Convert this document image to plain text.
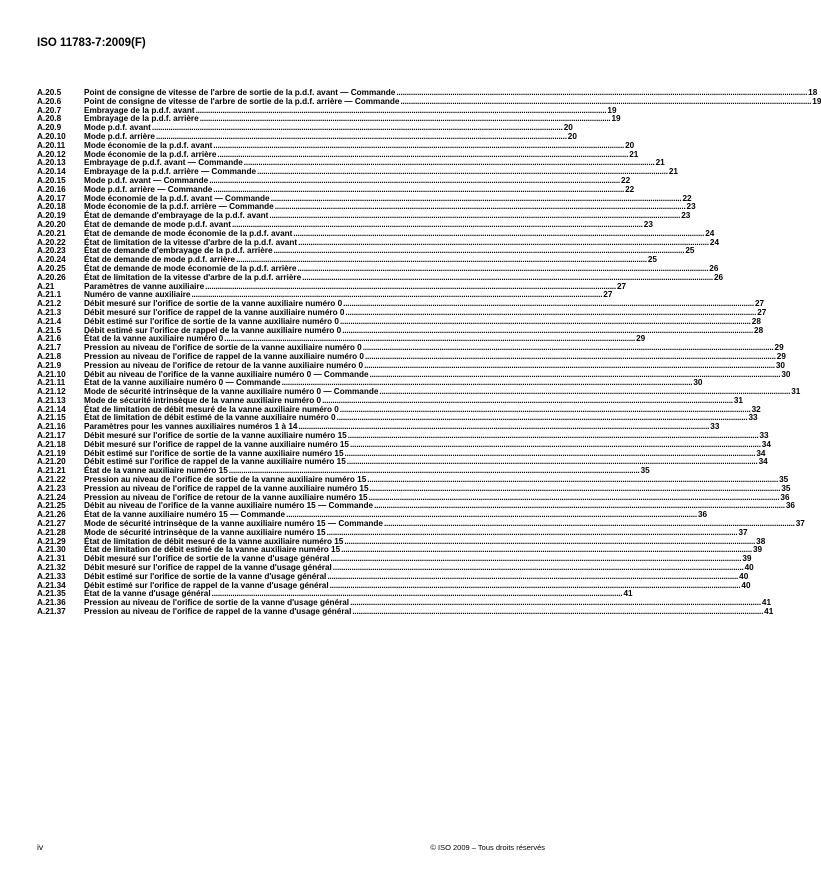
ISO 11783-7:2009(F)
A.20.5	Point de consigne de vitesse de l'arbre de sortie de la p.d.f. avant — Commande .....	18
A.20.6	Point de consigne de vitesse de l'arbre de sortie de la p.d.f. arrière — Commande .....	19
A.20.7	Embrayage de la p.d.f. avant .....	19
A.20.8	Embrayage de la p.d.f. arrière .....	19
A.20.9	Mode p.d.f. avant .....	20
A.20.10	Mode p.d.f. arrière .....	20
A.20.11	Mode économie de la p.d.f. avant .....	20
A.20.12	Mode économie de la p.d.f. arrière .....	21
A.20.13	Embrayage de p.d.f. avant — Commande .....	21
A.20.14	Embrayage de la p.d.f. arrière — Commande .....	21
A.20.15	Mode p.d.f. avant — Commande .....	22
A.20.16	Mode p.d.f. arrière — Commande .....	22
A.20.17	Mode économie de la p.d.f. avant — Commande .....	22
A.20.18	Mode économie de la p.d.f. arrière — Commande .....	23
A.20.19	État de demande d'embrayage de la p.d.f. avant .....	23
A.20.20	État de demande de mode p.d.f. avant .....	23
A.20.21	État de demande de mode économie de la p.d.f. avant .....	24
A.20.22	État de limitation de la vitesse d'arbre de la p.d.f. avant .....	24
A.20.23	État de demande d'embrayage de la p.d.f. arrière .....	25
A.20.24	État de demande de mode p.d.f. arrière .....	25
A.20.25	État de demande de mode économie de la p.d.f. arrière .....	26
A.20.26	État de limitation de la vitesse d'arbre de la p.d.f. arrière .....	26
A.21	Paramètres de vanne auxiliaire .....	27
A.21.1	Numéro de vanne auxiliaire .....	27
A.21.2	Débit mesuré sur l'orifice de sortie de la vanne auxiliaire numéro 0 .....	27
A.21.3	Débit mesuré sur l'orifice de rappel de la vanne auxiliaire numéro 0 .....	27
A.21.4	Débit estimé sur l'orifice de sortie de la vanne auxiliaire numéro 0 .....	28
A.21.5	Débit estimé sur l'orifice de rappel de la vanne auxiliaire numéro 0 .....	28
A.21.6	État de la vanne auxiliaire numéro 0 .....	29
A.21.7	Pression au niveau de l'orifice de sortie de la vanne auxiliaire numéro 0 .....	29
A.21.8	Pression au niveau de l'orifice de rappel de la vanne auxiliaire numéro 0 .....	29
A.21.9	Pression au niveau de l'orifice de retour de la vanne auxiliaire numéro 0 .....	30
A.21.10	Débit au niveau de l'orifice de la vanne auxiliaire numéro 0 — Commande .....	30
A.21.11	État de la vanne auxiliaire numéro 0 — Commande .....	30
A.21.12	Mode de sécurité intrinsèque de la vanne auxiliaire numéro 0 — Commande .....	31
A.21.13	Mode de sécurité intrinsèque de la vanne auxiliaire numéro 0 .....	31
A.21.14	État de limitation de débit mesuré de la vanne auxiliaire numéro 0 .....	32
A.21.15	État de limitation de débit estimé de la vanne auxiliaire numéro 0 .....	33
A.21.16	Paramètres pour les vannes auxiliaires numéros 1 à 14 .....	33
A.21.17	Débit mesuré sur l'orifice de sortie de la vanne auxiliaire numéro 15 .....	33
A.21.18	Débit mesuré sur l'orifice de rappel de la vanne auxiliaire numéro 15 .....	34
A.21.19	Débit estimé sur l'orifice de sortie de la vanne auxiliaire numéro 15 .....	34
A.21.20	Débit estimé sur l'orifice de rappel de la vanne auxiliaire numéro 15 .....	34
A.21.21	État de la vanne auxiliaire numéro 15 .....	35
A.21.22	Pression au niveau de l'orifice de sortie de la vanne auxiliaire numéro 15 .....	35
A.21.23	Pression au niveau de l'orifice de rappel de la vanne auxiliaire numéro 15 .....	35
A.21.24	Pression au niveau de l'orifice de retour de la vanne auxiliaire numéro 15 .....	36
A.21.25	Débit au niveau de l'orifice de la vanne auxiliaire numéro 15 — Commande .....	36
A.21.26	État de la vanne auxiliaire numéro 15 — Commande .....	36
A.21.27	Mode de sécurité intrinsèque de la vanne auxiliaire numéro 15 — Commande .....	37
A.21.28	Mode de sécurité intrinsèque de la vanne auxiliaire numéro 15 .....	37
A.21.29	État de limitation de débit mesuré de la vanne auxiliaire numéro 15 .....	38
A.21.30	État de limitation de débit estimé de la vanne auxiliaire numéro 15 .....	39
A.21.31	Débit mesuré sur l'orifice de sortie de la vanne d'usage général .....	39
A.21.32	Débit mesuré sur l'orifice de rappel de la vanne d'usage général .....	40
A.21.33	Débit estimé sur l'orifice de sortie de la vanne d'usage général .....	40
A.21.34	Débit estimé sur l'orifice de rappel de la vanne d'usage général .....	40
A.21.35	État de la vanne d'usage général .....	41
A.21.36	Pression au niveau de l'orifice de sortie de la vanne d'usage général .....	41
A.21.37	Pression au niveau de l'orifice de rappel de la vanne d'usage général .....	41
iv	© ISO 2009 – Tous droits réservés
